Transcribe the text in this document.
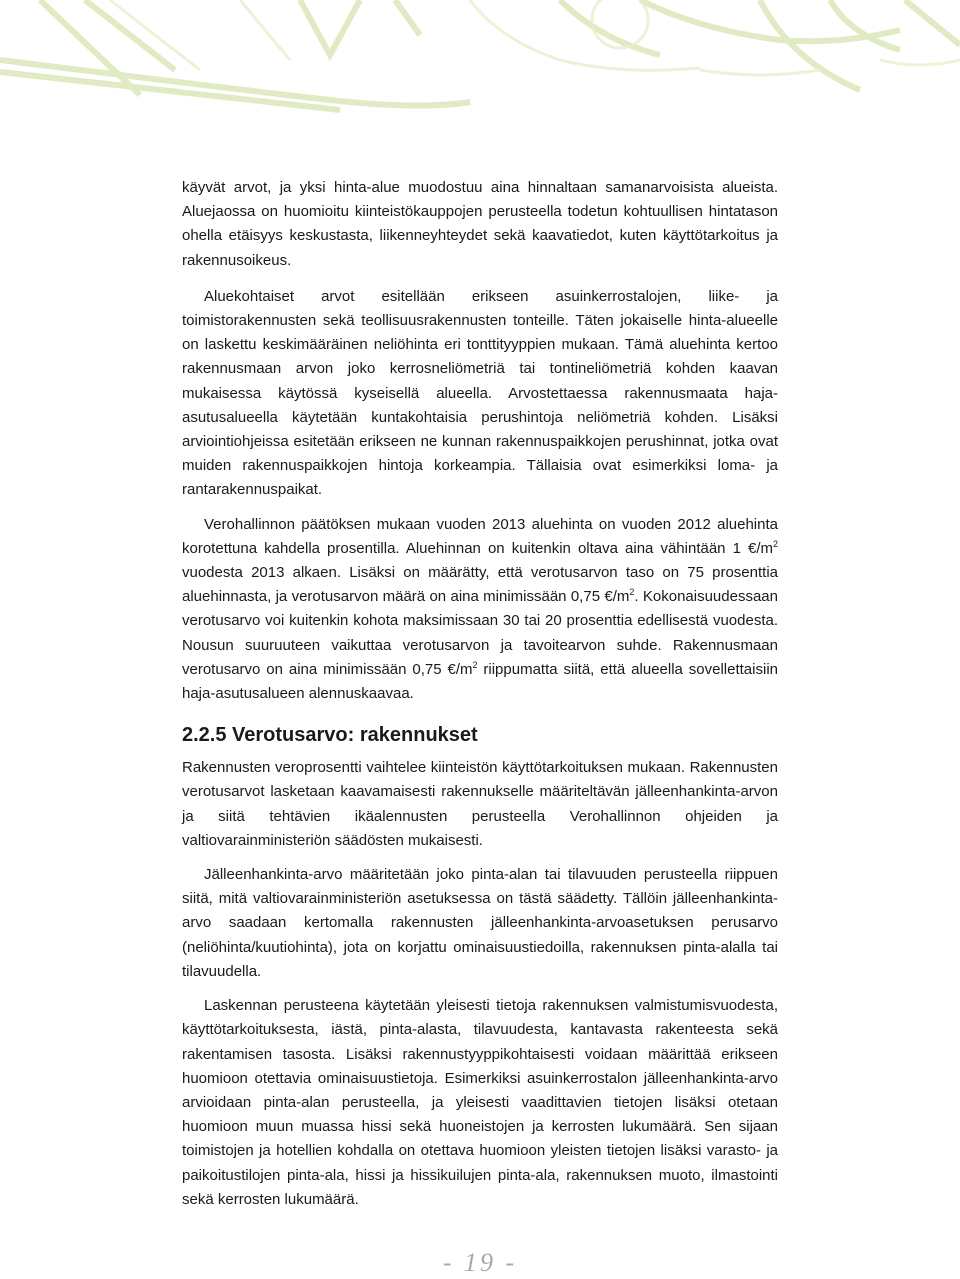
käyvät arvot, ja yksi hinta-alue muodostuu aina hinnaltaan samanarvoisista alueista. Aluejaossa on huomioitu kiinteistökauppojen perusteella todetun kohtuullisen hintatason ohella etäisyys keskustasta, liikenneyhteydet sekä kaavatiedot, kuten käyttötarkoitus ja rakennusoikeus.

Aluekohtaiset arvot esitellään erikseen asuinkerrostalojen, liike- ja toimistorakennusten sekä teollisuusrakennusten tonteille. Täten jokaiselle hinta-alueelle on laskettu keskimääräinen neliöhinta eri tonttityyppien mukaan. Tämä aluehinta kertoo rakennusmaan arvon joko kerrosneliömetriä tai tontineliömetriä kohden kaavan mukaisessa käytössä kyseisellä alueella. Arvostettaessa rakennusmaata haja-asutusalueella käytetään kuntakohtaisia perushintoja neliömetriä kohden. Lisäksi arviointiohjeissa esitetään erikseen ne kunnan rakennuspaikkojen perushinnat, jotka ovat muiden rakennuspaikkojen hintoja korkeampia. Tällaisia ovat esimerkiksi loma- ja rantarakennuspaikat.

Verohallinnon päätöksen mukaan vuoden 2013 aluehinta on vuoden 2012 aluehinta korotettuna kahdella prosentilla. Aluehinnan on kuitenkin oltava aina vähintään 1 $€/m^2$ vuodesta 2013 alkaen. Lisäksi on määrätty, että verotusarvon taso on 75 prosenttia aluehinnasta, ja verotusarvon määrä on aina minimissään 0,75 $€/m^2$. Kokonaisuudessaan verotusarvo voi kuitenkin kohota maksimissaan 30 tai 20 prosenttia edellisestä vuodesta. Nousun suuruuteen vaikuttaa verotusarvon ja tavoitearvon suhde. Rakennusmaan verotusarvo on aina minimissään 0,75 $€/m^2$ riippumatta siitä, että alueella sovellettaisiin haja-asutusalueen alennuskaavaa.

2.2.5 Verotusarvo: rakennukset

Rakennusten veroprosentti vaihtelee kiinteistön käyttötarkoituksen mukaan. Rakennusten verotusarvot lasketaan kaavamaisesti rakennukselle määriteltävän jälleenhankinta-arvon ja siitä tehtävien ikäalennusten perusteella Verohallinnon ohjeiden ja valtiovarainministeriön säädösten mukaisesti.

Jälleenhankinta-arvo määritetään joko pinta-alan tai tilavuuden perusteella riippuen siitä, mitä valtiovarainministeriön asetuksessa on tästä säädetty. Tällöin jälleenhankinta-arvo saadaan kertomalla rakennusten jälleenhankinta-arvoasetuksen perusarvo (neliöhinta/kuutiohinta), jota on korjattu ominaisuustiedoilla, rakennuksen pinta-alalla tai tilavuudella.

Laskennan perusteena käytetään yleisesti tietoja rakennuksen valmistumisvuodesta, käyttötarkoituksesta, iästä, pinta-alasta, tilavuudesta, kantavasta rakenteesta sekä rakentamisen tasosta. Lisäksi rakennustyyppikohtaisesti voidaan määrittää erikseen huomioon otettavia ominaisuustietoja. Esimerkiksi asuinkerrostalon jälleenhankinta-arvo arvioidaan pinta-alan perusteella, ja yleisesti vaadittavien tietojen lisäksi otetaan huomioon muun muassa hissi sekä huoneistojen ja kerrosten lukumäärä. Sen sijaan toimistojen ja hotellien kohdalla on otettava huomioon yleisten tietojen lisäksi varasto- ja paikoitustilojen pinta-ala, hissi ja hissikuilujen pinta-ala, rakennuksen muoto, ilmastointi sekä kerrosten lukumäärä.

- 19 -
